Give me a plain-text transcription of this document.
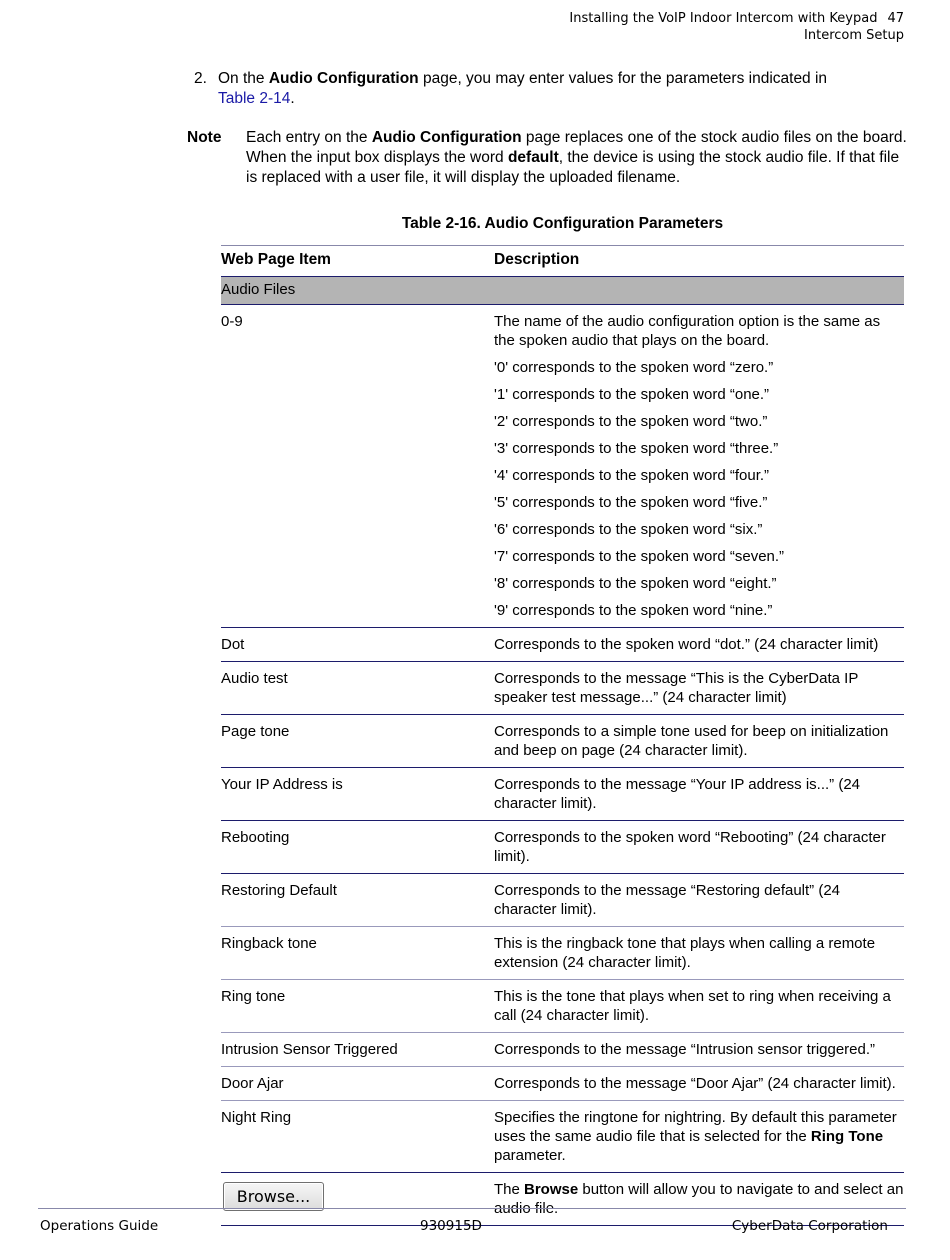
Installing the VoIP Indoor Intercom with Keypad 47
Intercom Setup
2. On the Audio Configuration page, you may enter values for the parameters indicated in
Table 2-14.
Note Each entry on the Audio Configuration page replaces one of the stock audio files on the board. When the input box displays the word default, the device is using the stock audio file. If that file is replaced with a user file, it will display the uploaded filename.
Table 2-16. Audio Configuration Parameters
Web Page Item	Description
Audio Files
0-9	The name of the audio configuration option is the same as the spoken audio that plays on the board.

'0' corresponds to the spoken word “zero.”

'1' corresponds to the spoken word “one.”

'2' corresponds to the spoken word “two.”

'3' corresponds to the spoken word “three.”

'4' corresponds to the spoken word “four.”

'5' corresponds to the spoken word “five.”

'6' corresponds to the spoken word “six.”

'7' corresponds to the spoken word “seven.”

'8' corresponds to the spoken word “eight.”

'9' corresponds to the spoken word “nine.”

Dot	Corresponds to the spoken word “dot.” (24 character limit)
Audio test	Corresponds to the message “This is the CyberData IP speaker test message...” (24 character limit)
Page tone	Corresponds to a simple tone used for beep on initialization and beep on page (24 character limit).
Your IP Address is	Corresponds to the message “Your IP address is...” (24 character limit).
Rebooting	Corresponds to the spoken word “Rebooting” (24 character limit).
Restoring Default	Corresponds to the message “Restoring default” (24 character limit).
Ringback tone	This is the ringback tone that plays when calling a remote extension (24 character limit).
Ring tone	This is the tone that plays when set to ring when receiving a call (24 character limit).
Intrusion Sensor Triggered	Corresponds to the message “Intrusion sensor triggered.”
Door Ajar	Corresponds to the message “Door Ajar” (24 character limit).
Night Ring	Specifies the ringtone for nightring. By default this parameter uses the same audio file that is selected for the Ring Tone parameter.
Browse...	The Browse button will allow you to navigate to and select an audio file.
Operations Guide	930915D	CyberData Corporation
